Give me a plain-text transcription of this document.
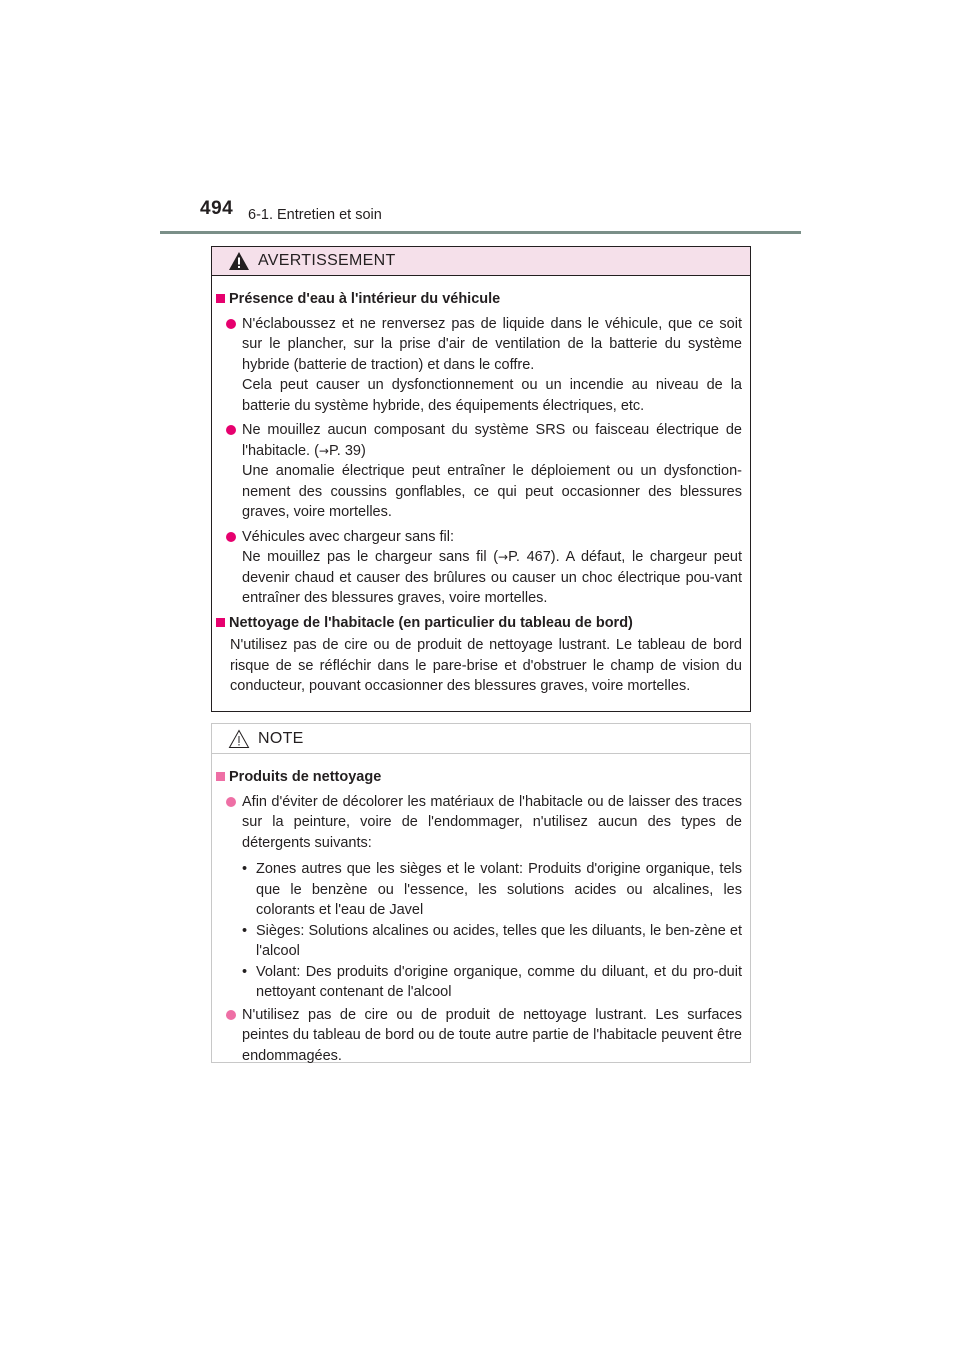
494 6-1. Entretien et soin
AVERTISSEMENT
Présence d'eau à l'intérieur du véhicule
N'éclaboussez et ne renversez pas de liquide dans le véhicule, que ce soit sur le plancher, sur la prise d'air de ventilation de la batterie du système hybride (batterie de traction) et dans le coffre.
Cela peut causer un dysfonctionnement ou un incendie au niveau de la batterie du système hybride, des équipements électriques, etc.
Ne mouillez aucun composant du système SRS ou faisceau électrique de l'habitacle. (→P. 39)
Une anomalie électrique peut entraîner le déploiement ou un dysfonction-nement des coussins gonflables, ce qui peut occasionner des blessures graves, voire mortelles.
Véhicules avec chargeur sans fil:
Ne mouillez pas le chargeur sans fil (→P. 467). A défaut, le chargeur peut devenir chaud et causer des brûlures ou causer un choc électrique pou-vant entraîner des blessures graves, voire mortelles.
Nettoyage de l'habitacle (en particulier du tableau de bord)
N'utilisez pas de cire ou de produit de nettoyage lustrant. Le tableau de bord risque de se réfléchir dans le pare-brise et d'obstruer le champ de vision du conducteur, pouvant occasionner des blessures graves, voire mortelles.
NOTE
Produits de nettoyage
Afin d'éviter de décolorer les matériaux de l'habitacle ou de laisser des traces sur la peinture, voire de l'endommager, n'utilisez aucun des types de détergents suivants:
• Zones autres que les sièges et le volant: Produits d'origine organique, tels que le benzène ou l'essence, les solutions acides ou alcalines, les colorants et l'eau de Javel
• Sièges: Solutions alcalines ou acides, telles que les diluants, le ben-zène et l'alcool
• Volant: Des produits d'origine organique, comme du diluant, et du pro-duit nettoyant contenant de l'alcool
N'utilisez pas de cire ou de produit de nettoyage lustrant. Les surfaces peintes du tableau de bord ou de toute autre partie de l'habitacle peuvent être endommagées.
